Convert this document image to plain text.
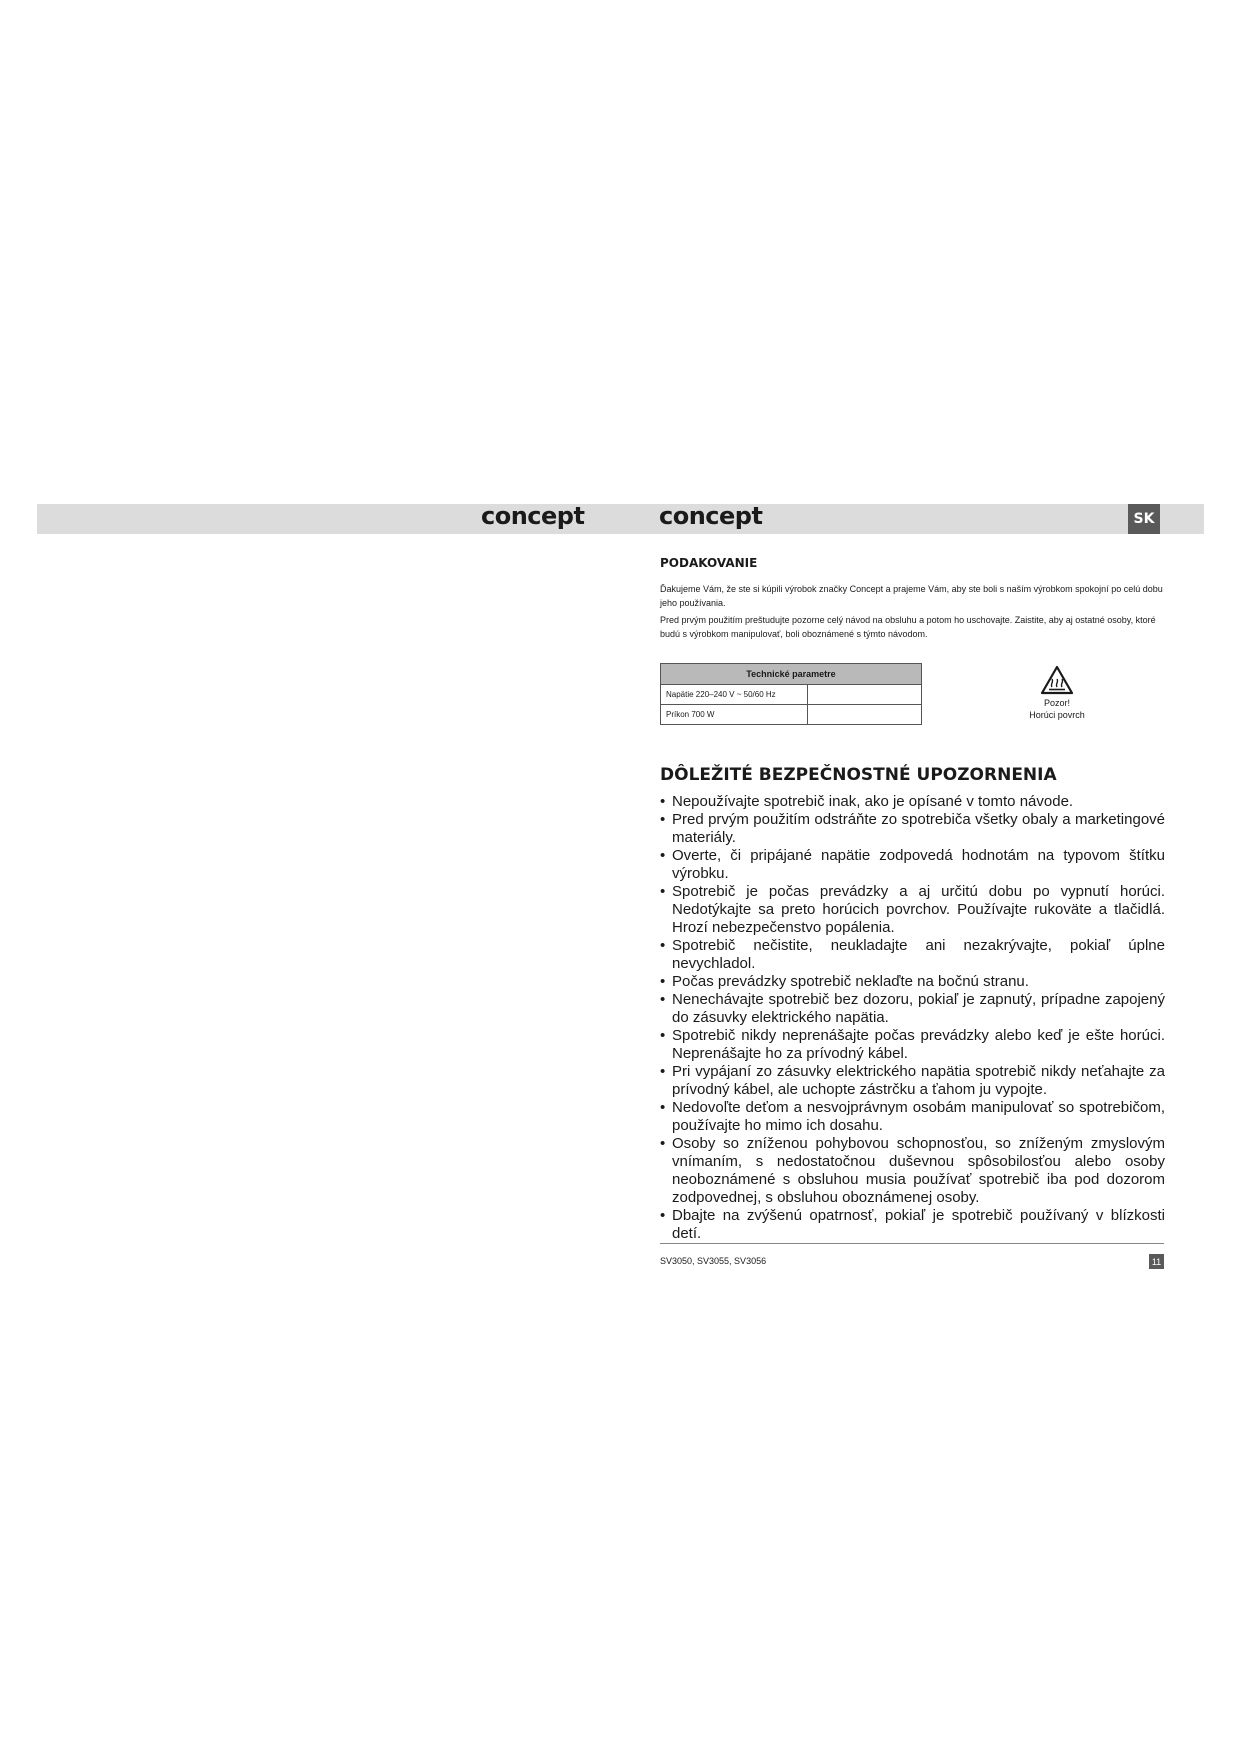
concept	concept	SK
PODAKOVANIE

Ďakujeme Vám, že ste si kúpili výrobok značky Concept a prajeme Vám, aby ste boli s naším výrobkom spokojní po celú dobu jeho používania.

Pred prvým použitím preštudujte pozorne celý návod na obsluhu a potom ho uschovajte. Zaistite, aby aj ostatné osoby, ktoré budú s výrobkom manipulovať, boli oboznámené s týmto návodom.

Technické parametre	
Napätie 220–240 V ~ 50/60 Hz	
Príkon 700 W	
Pozor!
Horúci povrch
DÔLEŽITÉ BEZPEČNOSTNÉ UPOZORNENIA
• Nepoužívajte spotrebič inak, ako je opísané v tomto návode.
• Pred prvým použitím odstráňte zo spotrebiča všetky obaly a marketingové materiály.
• Overte, či pripájané napätie zodpovedá hodnotám na typovom štítku výrobku.
• Spotrebič je počas prevádzky a aj určitú dobu po vypnutí horúci. Nedotýkajte sa preto horúcich povrchov. Používajte rukoväte a tlačidlá. Hrozí nebezpečenstvo popálenia.
• Spotrebič nečistite, neukladajte ani nezakrývajte, pokiaľ úplne nevychladol.
• Počas prevádzky spotrebič neklaďte na bočnú stranu.
• Nenechávajte spotrebič bez dozoru, pokiaľ je zapnutý, prípadne zapojený do zásuvky elektrického napätia.
• Spotrebič nikdy neprenášajte počas prevádzky alebo keď je ešte horúci. Neprenášajte ho za prívodný kábel.
• Pri vypájaní zo zásuvky elektrického napätia spotrebič nikdy neťahajte za prívodný kábel, ale uchopte zástrčku a ťahom ju vypojte.
• Nedovoľte deťom a nesvojprávnym osobám manipulovať so spotrebičom, používajte ho mimo ich dosahu.
• Osoby so zníženou pohybovou schopnosťou, so zníženým zmyslovým vnímaním, s nedostatočnou duševnou spôsobilosťou alebo osoby neoboznámené s obsluhou musia používať spotrebič iba pod dozorom zodpovednej, s obsluhou oboznámenej osoby.
• Dbajte na zvýšenú opatrnosť, pokiaľ je spotrebič používaný v blízkosti detí.
SV3050, SV3055, SV3056	11
